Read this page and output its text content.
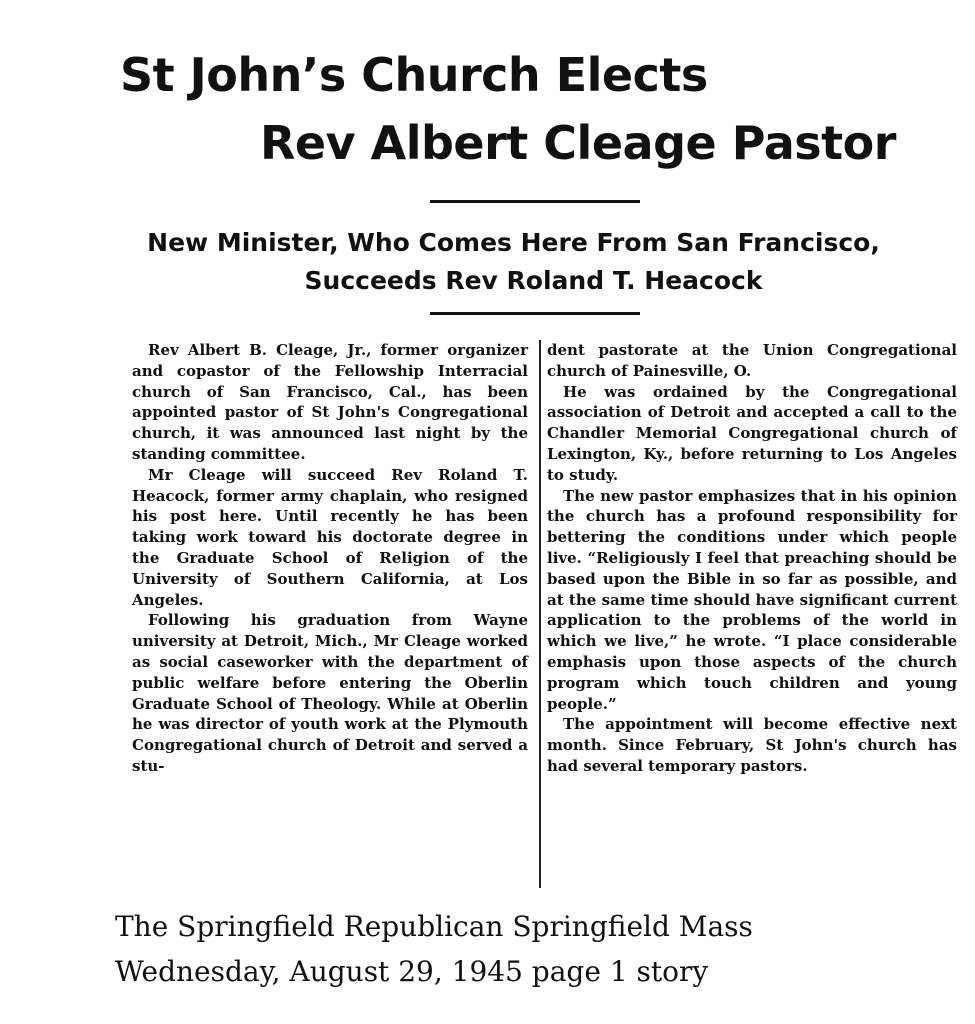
St John’s Church Elects
Rev Albert Cleage Pastor
New Minister, Who Comes Here From San Francisco,
Succeeds Rev Roland T. Heacock

Rev Albert B. Cleage, Jr., former organizer and copastor of the Fellowship Interracial church of San Francisco, Cal., has been appointed pastor of St John's Congregational church, it was announced last night by the standing committee.

Mr Cleage will succeed Rev Roland T. Heacock, former army chaplain, who resigned his post here. Until recently he has been taking work toward his doctorate degree in the Graduate School of Religion of the University of Southern California, at Los Angeles.

Following his graduation from Wayne university at Detroit, Mich., Mr Cleage worked as social caseworker with the department of public welfare before entering the Oberlin Graduate School of Theology. While at Oberlin he was director of youth work at the Plymouth Congregational church of Detroit and served a stu-

dent pastorate at the Union Congregational church of Painesville, O.

He was ordained by the Congregational association of Detroit and accepted a call to the Chandler Memorial Congregational church of Lexington, Ky., before returning to Los Angeles to study.

The new pastor emphasizes that in his opinion the church has a profound responsibility for bettering the conditions under which people live. “Religiously I feel that preaching should be based upon the Bible in so far as possible, and at the same time should have significant current application to the problems of the world in which we live,” he wrote. “I place considerable emphasis upon those aspects of the church program which touch children and young people.”

The appointment will become effective next month. Since February, St John's church has had several temporary pastors.

The Springfield Republican Springfield Mass

Wednesday, August 29, 1945 page 1 story
